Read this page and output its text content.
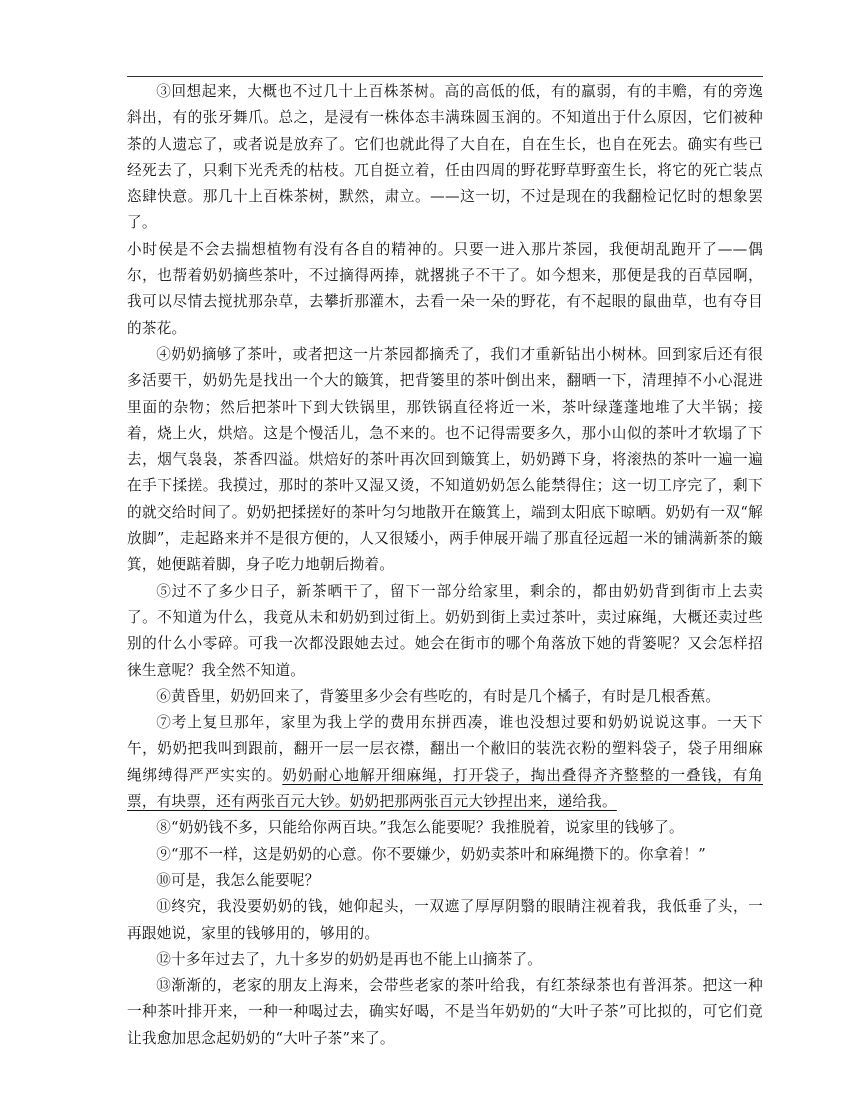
③回想起来，大概也不过几十上百株茶树。高的高低的低，有的羸弱，有的丰赡，有的旁逸斜出，有的张牙舞爪。总之，是浸有一株体态丰满珠圆玉润的。不知道出于什么原因，它们被种茶的人遗忘了，或者说是放弃了。它们也就此得了大自在，自在生长，也自在死去。确实有些已经死去了，只剩下光秃秃的枯枝。兀自挺立着，任由四周的野花野草野蛮生长，将它的死亡装点恣肆快意。那几十上百株茶树，默然，肃立。——这一切，不过是现在的我翻检记忆时的想象罢了。

小时侯是不会去揣想植物有没有各自的精神的。只要一进入那片茶园，我便胡乱跑开了——偶尔，也帮着奶奶摘些茶叶，不过摘得两捧，就撂挑子不干了。如今想来，那便是我的百草园啊，我可以尽情去搅扰那杂草，去攀折那灌木，去看一朵一朵的野花，有不起眼的鼠曲草，也有夺目的茶花。

④奶奶摘够了茶叶，或者把这一片茶园都摘秃了，我们才重新钻出小树林。回到家后还有很多活要干，奶奶先是找出一个大的簸箕，把背篓里的茶叶倒出来，翻晒一下，清理掉不小心混进里面的杂物；然后把茶叶下到大铁锅里，那铁锅直径将近一米，茶叶绿蓬蓬地堆了大半锅；接着，烧上火，烘焙。这是个慢活儿，急不来的。也不记得需要多久，那小山似的茶叶才软塌了下去，烟气袅袅，茶香四溢。烘焙好的茶叶再次回到簸箕上，奶奶蹲下身，将滚热的茶叶一遍一遍在手下揉搓。我摸过，那时的茶叶又湿又烫，不知道奶奶怎么能禁得住；这一切工序完了，剩下的就交给时间了。奶奶把揉搓好的茶叶匀匀地散开在簸箕上，端到太阳底下晾晒。奶奶有一双“解放脚”，走起路来并不是很方便的，人又很矮小，两手伸展开端了那直径远超一米的铺满新茶的簸箕，她便踮着脚，身子吃力地朝后拗着。

⑤过不了多少日子，新茶晒干了，留下一部分给家里，剩余的，都由奶奶背到街市上去卖了。不知道为什么，我竟从未和奶奶到过街上。奶奶到街上卖过茶叶，卖过麻绳，大概还卖过些别的什么小零碎。可我一次都没跟她去过。她会在街市的哪个角落放下她的背篓呢？又会怎样招徕生意呢？我全然不知道。

⑥黄昏里，奶奶回来了，背篓里多少会有些吃的，有时是几个橘子，有时是几根香蕉。

⑦考上复旦那年，家里为我上学的费用东拼西凑，谁也没想过要和奶奶说说这事。一天下午，奶奶把我叫到跟前，翻开一层一层衣襟，翻出一个敝旧的装洗衣粉的塑料袋子，袋子用细麻绳绑缚得严严实实的。奶奶耐心地解开细麻绳，打开袋子，掏出叠得齐齐整整的一叠钱，有角票，有块票，还有两张百元大钞。奶奶把那两张百元大钞捏出来，递给我。

⑧“奶奶钱不多，只能给你两百块。”我怎么能要呢？我推脱着，说家里的钱够了。

⑨“那不一样，这是奶奶的心意。你不要嫌少，奶奶卖茶叶和麻绳攒下的。你拿着！”

⑩可是，我怎么能要呢？

⑪终究，我没要奶奶的钱，她仰起头，一双遮了厚厚阴翳的眼睛注视着我，我低垂了头，一再跟她说，家里的钱够用的，够用的。

⑫十多年过去了，九十多岁的奶奶是再也不能上山摘茶了。

⑬渐渐的，老家的朋友上海来，会带些老家的茶叶给我，有红茶绿茶也有普洱茶。把这一种一种茶叶排开来，一种一种喝过去，确实好喝，不是当年奶奶的“大叶子茶”可比拟的，可它们竟让我愈加思念起奶奶的“大叶子茶”来了。
